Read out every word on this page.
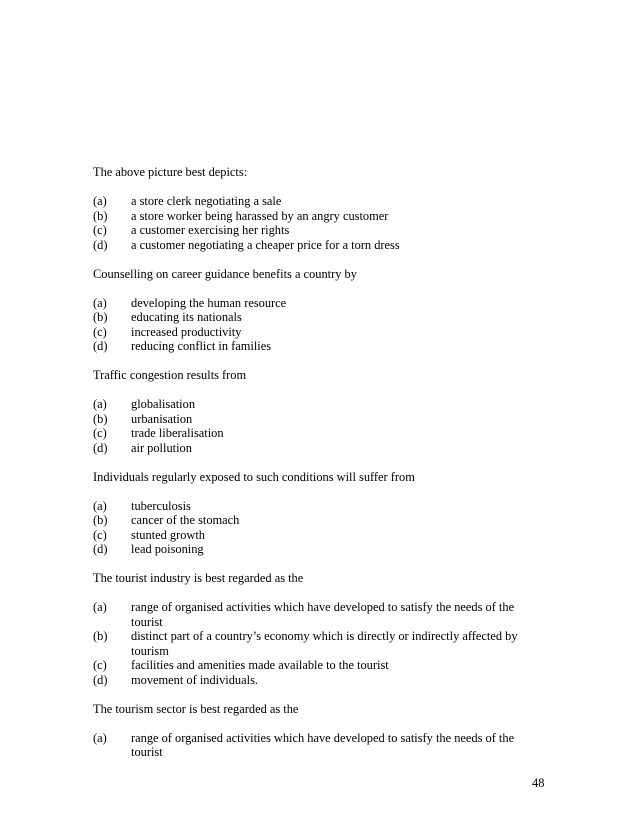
The above picture best depicts:
(a)	a store clerk negotiating a sale
(b)	a store worker being harassed by an angry customer
(c)	a customer exercising her rights
(d)	a customer negotiating a cheaper price for a torn dress
Counselling on career guidance benefits a country by
(a)	developing the human resource
(b)	educating its nationals
(c)	increased productivity
(d)	reducing conflict in families
Traffic congestion results from
(a)	globalisation
(b)	urbanisation
(c)	trade liberalisation
(d)	air pollution
Individuals regularly exposed to such conditions will suffer from
(a)	tuberculosis
(b)	cancer of the stomach
(c)	stunted growth
(d)	lead poisoning
The tourist industry is best regarded as the
(a)	range of organised activities which have developed to satisfy the needs of the tourist
(b)	distinct part of a country’s economy which is directly or indirectly affected by tourism
(c)	facilities and amenities made available to the tourist
(d)	movement of individuals.
The tourism sector is best regarded as the
(a)	range of organised activities which have developed to satisfy the needs of the tourist
48
